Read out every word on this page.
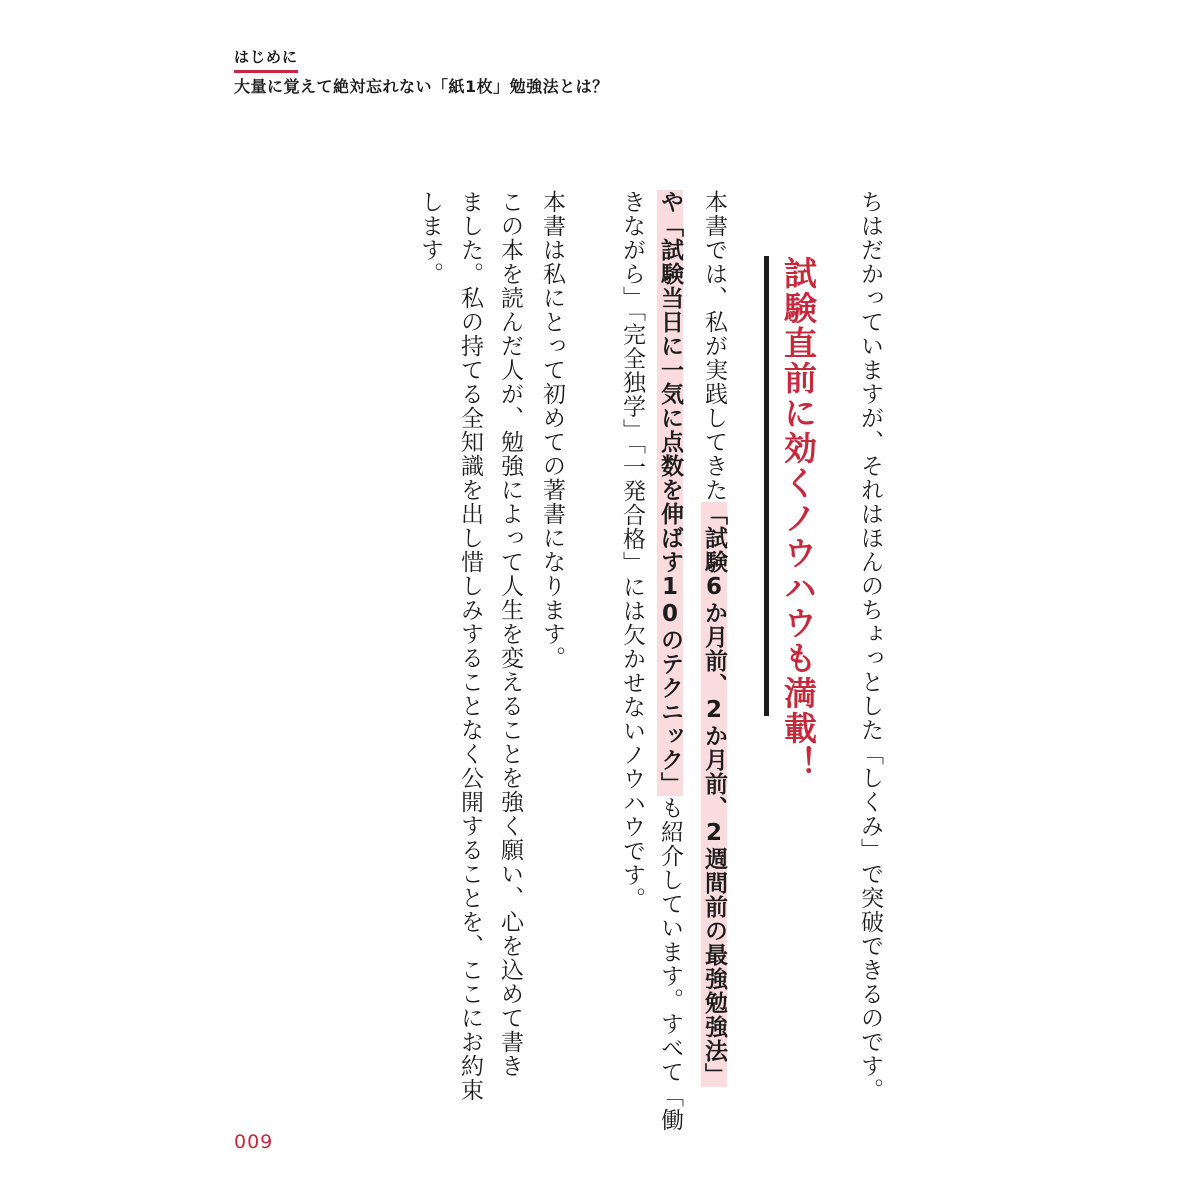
はじめに
大量に覚えて絶対忘れない「紙1枚」勉強法とは？
ちはだかっていますが、それはほんのちょっとした「しくみ」で突破できるのです。
試験直前に効くノウハウも満載！
本書では、私が実践してきた「試験6か月前、2か月前、2週間前の最強勉強法」
や「試験当日に一気に点数を伸ばす10のテクニック」も紹介しています。すべて「働
きながら」「完全独学」「一発合格」には欠かせないノウハウです。
本書は私にとって初めての著書になります。
この本を読んだ人が、勉強によって人生を変えることを強く願い、心を込めて書き
ました。私の持てる全知識を出し惜しみすることなく公開することを、ここにお約束
します。
009
